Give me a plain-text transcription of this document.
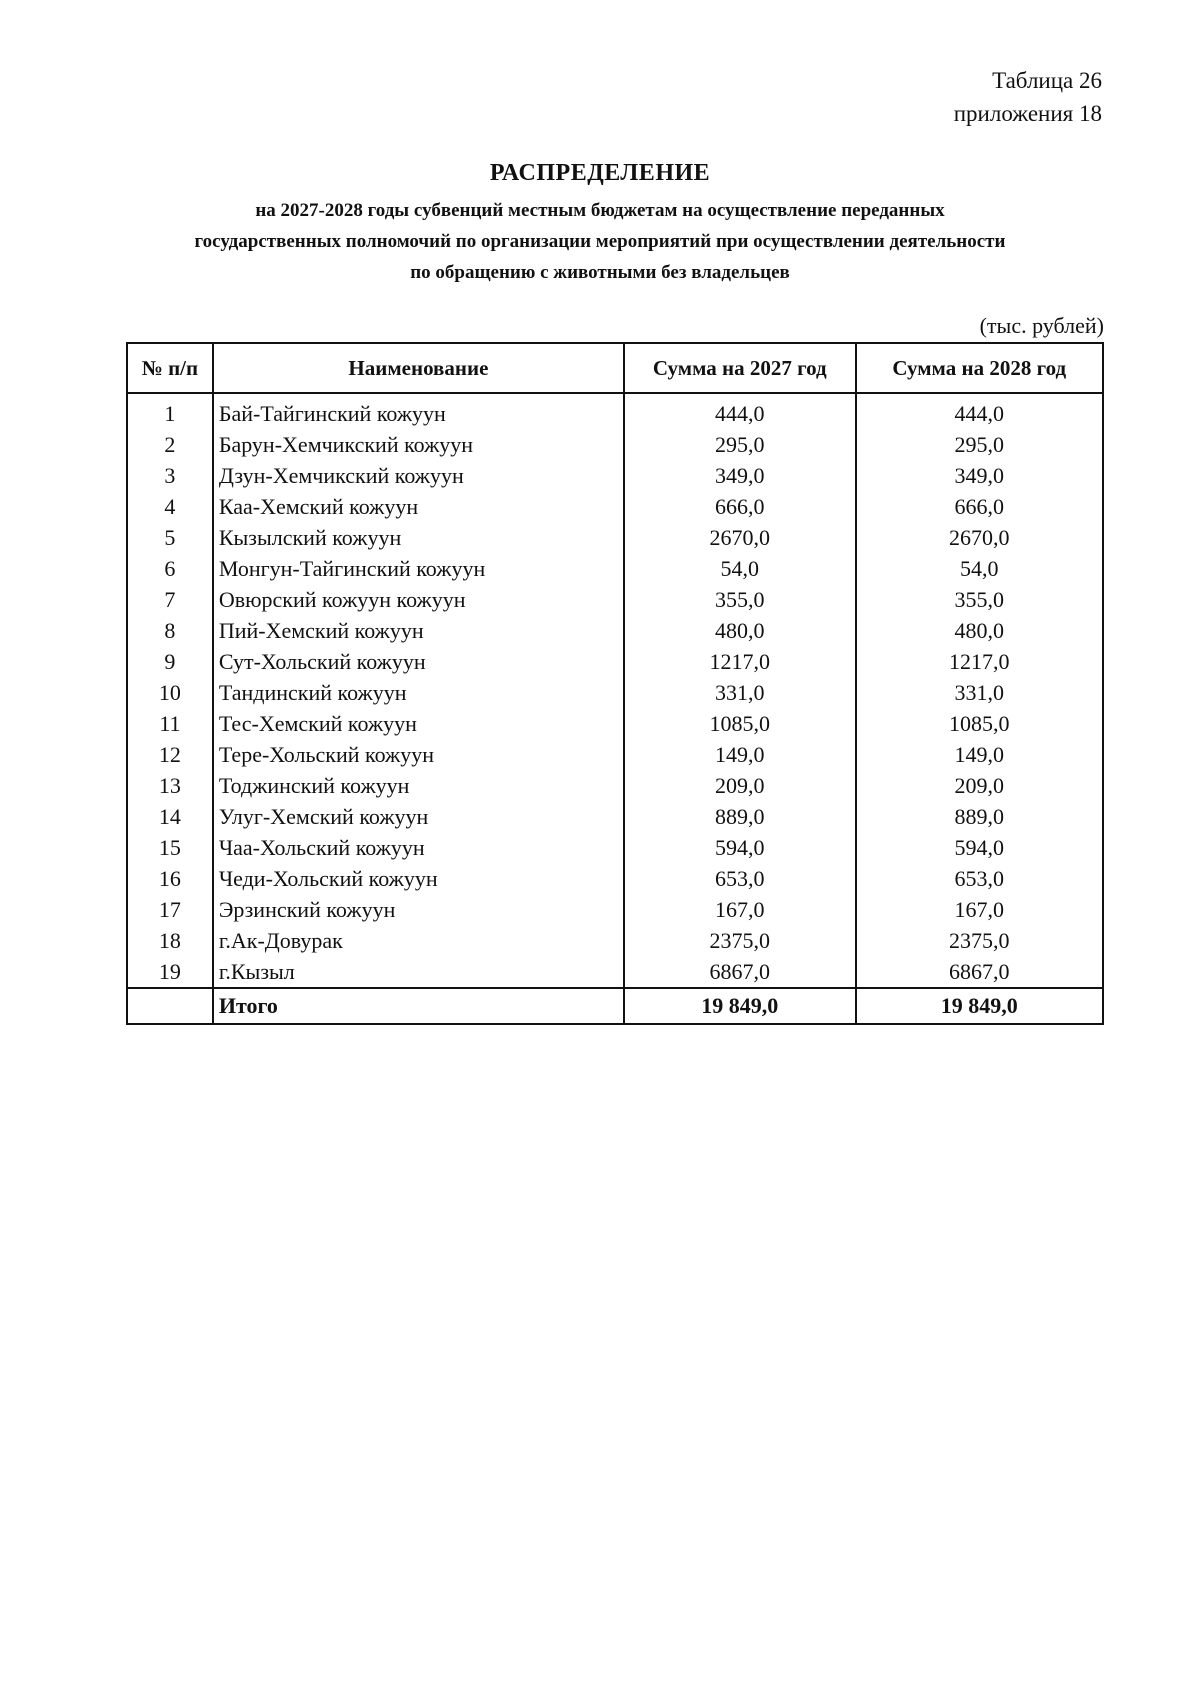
Таблица 26
приложения 18
РАСПРЕДЕЛЕНИЕ
на 2027-2028 годы субвенций местным бюджетам на осуществление переданных
государственных полномочий по организации мероприятий при осуществлении деятельности
по обращению с животными без владельцев
(тыс. рублей)
№ п/п	Наименование	Сумма на 2027 год	Сумма на 2028 год
1	Бай-Тайгинский кожуун	444,0	444,0
2	Барун-Хемчикский кожуун	295,0	295,0
3	Дзун-Хемчикский кожуун	349,0	349,0
4	Каа-Хемский кожуун	666,0	666,0
5	Кызылский кожуун	2670,0	2670,0
6	Монгун-Тайгинский кожуун	54,0	54,0
7	Овюрский кожуун кожуун	355,0	355,0
8	Пий-Хемский кожуун	480,0	480,0
9	Сут-Хольский кожуун	1217,0	1217,0
10	Тандинский кожуун	331,0	331,0
11	Тес-Хемский кожуун	1085,0	1085,0
12	Тере-Хольский кожуун	149,0	149,0
13	Тоджинский кожуун	209,0	209,0
14	Улуг-Хемский кожуун	889,0	889,0
15	Чаа-Хольский кожуун	594,0	594,0
16	Чеди-Хольский кожуун	653,0	653,0
17	Эрзинский кожуун	167,0	167,0
18	г.Ак-Довурак	2375,0	2375,0
19	г.Кызыл	6867,0	6867,0
	Итого	19 849,0	19 849,0
